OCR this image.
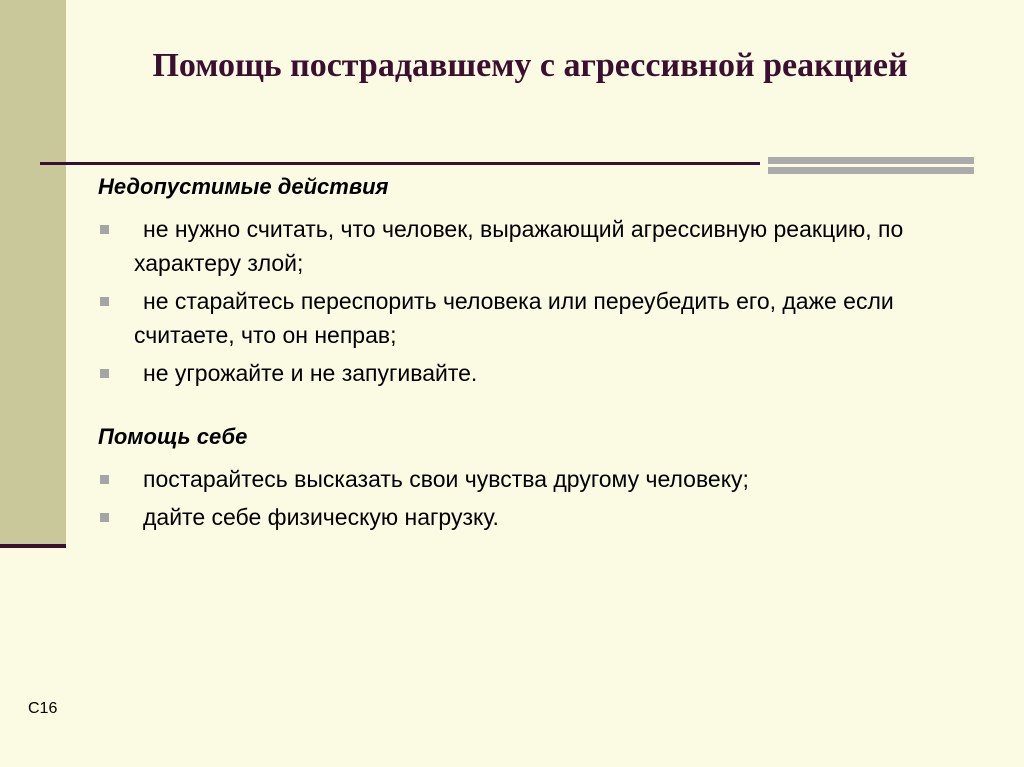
Помощь пострадавшему с агрессивной реакцией

Недопустимые действия

не нужно считать, что человек, выражающий агрессивную реакцию, по характеру злой;
не старайтесь переспорить человека или переубедить его, даже если считаете, что он неправ;
не угрожайте и не запугивайте.

Помощь себе

постарайтесь высказать свои чувства другому человеку;
дайте себе физическую нагрузку.
C16
